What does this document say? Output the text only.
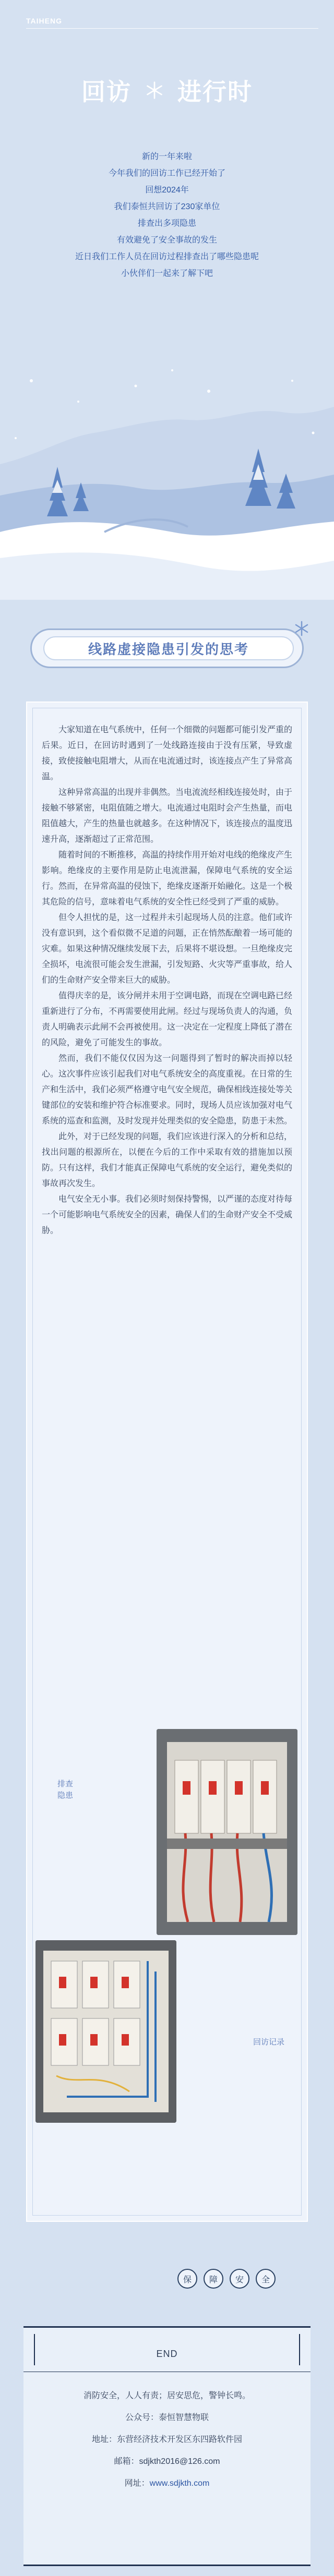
TAIHENG
回访 进行时
新的一年来啦
今年我们的回访工作已经开始了
回想2024年
我们泰恒共回访了230家单位
排查出多项隐患
有效避免了安全事故的发生
近日我们工作人员在回访过程排查出了哪些隐患呢
小伙伴们一起来了解下吧
线路虚接隐患引发的思考

大家知道在电气系统中，任何一个细微的问题都可能引发严重的后果。近日，在回访时遇到了一处线路连接由于没有压紧，导致虚接，致使接触电阻增大，从而在电流通过时，该连接点产生了异常高温。

这种异常高温的出现并非偶然。当电流流经相线连接处时，由于接触不够紧密，电阻值随之增大。电流通过电阻时会产生热量，而电阻值越大，产生的热量也就越多。在这种情况下，该连接点的温度迅速升高，逐渐超过了正常范围。

随着时间的不断推移，高温的持续作用开始对电线的绝缘皮产生影响。绝缘皮的主要作用是防止电流泄漏，保障电气系统的安全运行。然而，在异常高温的侵蚀下，绝缘皮逐渐开始融化。这是一个极其危险的信号，意味着电气系统的安全性已经受到了严重的威胁。

但令人担忧的是，这一过程并未引起现场人员的注意。他们或许没有意识到，这个看似微不足道的问题，正在悄然酝酿着一场可能的灾难。如果这种情况继续发展下去，后果将不堪设想。一旦绝缘皮完全损坏，电流很可能会发生泄漏，引发短路、火灾等严重事故，给人们的生命财产安全带来巨大的威胁。

值得庆幸的是，该分闸并未用于空调电路，而现在空调电路已经重新进行了分布，不再需要使用此闸。经过与现场负责人的沟通，负责人明确表示此闸不会再被使用。这一决定在一定程度上降低了潜在的风险，避免了可能发生的事故。

然而，我们不能仅仅因为这一问题得到了暂时的解决而掉以轻心。这次事件应该引起我们对电气系统安全的高度重视。在日常的生产和生活中，我们必须严格遵守电气安全规范，确保相线连接处等关键部位的安装和维护符合标准要求。同时，现场人员应该加强对电气系统的巡查和监测，及时发现并处理类似的安全隐患，防患于未然。

此外，对于已经发现的问题，我们应该进行深入的分析和总结，找出问题的根源所在，以便在今后的工作中采取有效的措施加以预防。只有这样，我们才能真正保障电气系统的安全运行，避免类似的事故再次发生。

电气安全无小事。我们必须时刻保持警惕，以严谨的态度对待每一个可能影响电气系统安全的因素，确保人们的生命财产安全不受威胁。

排查
隐患
回访记录
保	障	安	全
END
消防安全，人人有责；居安思危，警钟长鸣。
公众号：泰恒智慧物联
地址：东营经济技术开发区东四路软件园
邮箱：sdjkth2016@126.com
网址：www.sdjkth.com
